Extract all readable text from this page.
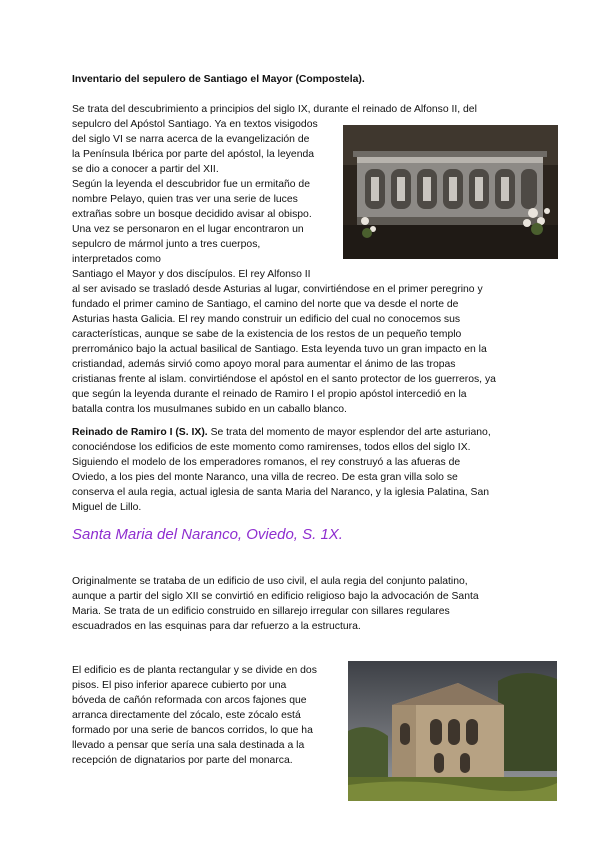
Inventario del sepulero de Santiago el Mayor (Compostela).
Se trata del descubrimiento a principios del siglo IX, durante el reinado de Alfonso II, del
sepulcro del Apóstol Santiago. Ya en textos visigodos
del siglo VI se narra acerca de la evangelización de
la Península Ibérica por parte del apóstol, la leyenda
se dio a conocer a partir del XII.
Según la leyenda el descubridor fue un ermitaño de
nombre Pelayo, quien tras ver una serie de luces
extrañas sobre un bosque decidido avisar al obispo.
Una vez se personaron en el lugar encontraron un
sepulcro de mármol junto a tres cuerpos,
interpretados como
Santiago el Mayor y dos discípulos. El rey Alfonso II
al ser avisado se trasladó desde Asturias al lugar, convirtiéndose en el primer peregrino y
fundado el primer camino de Santiago, el camino del norte que va desde el norte de
Asturias hasta Galicia. El rey mando construir un edificio del cual no conocemos sus
características, aunque se sabe de la existencia de los restos de un pequeño templo
prerrománico bajo la actual basilical de Santiago. Esta leyenda tuvo un gran impacto en la
cristiandad, además sirvió como apoyo moral para aumentar el ánimo de las tropas
cristianas frente al islam. convirtiéndose el apóstol en el santo protector de los guerreros, ya
que según la leyenda durante el reinado de Ramiro I el propio apóstol intercedió en la
batalla contra los musulmanes subido en un caballo blanco.
Reinado de Ramiro I (S. IX). Se trata del momento de mayor esplendor del arte asturiano,
conociéndose los edificios de este momento como ramirenses, todos ellos del siglo IX.
Siguiendo el modelo de los emperadores romanos, el rey construyó a las afueras de
Oviedo, a los pies del monte Naranco, una villa de recreo. De esta gran villa solo se
conserva el aula regia, actual iglesia de santa Maria del Naranco, y la iglesia Palatina, San
Miguel de Lillo.
Santa Maria del Naranco, Oviedo, S. 1X.
Originalmente se trataba de un edificio de uso civil, el aula regia del conjunto palatino,
aunque a partir del siglo XII se convirtió en edificio religioso bajo la advocación de Santa
Maria. Se trata de un edificio construido en sillarejo irregular con sillares regulares
escuadrados en las esquinas para dar refuerzo a la estructura.
El edificio es de planta rectangular y se divide en dos
pisos. El piso inferior aparece cubierto por una
bóveda de cañón reformada con arcos fajones que
arranca directamente del zócalo, este zócalo está
formado por una serie de bancos corridos, lo que ha
llevado a pensar que sería una sala destinada a la
recepción de dignatarios por parte del monarca.
